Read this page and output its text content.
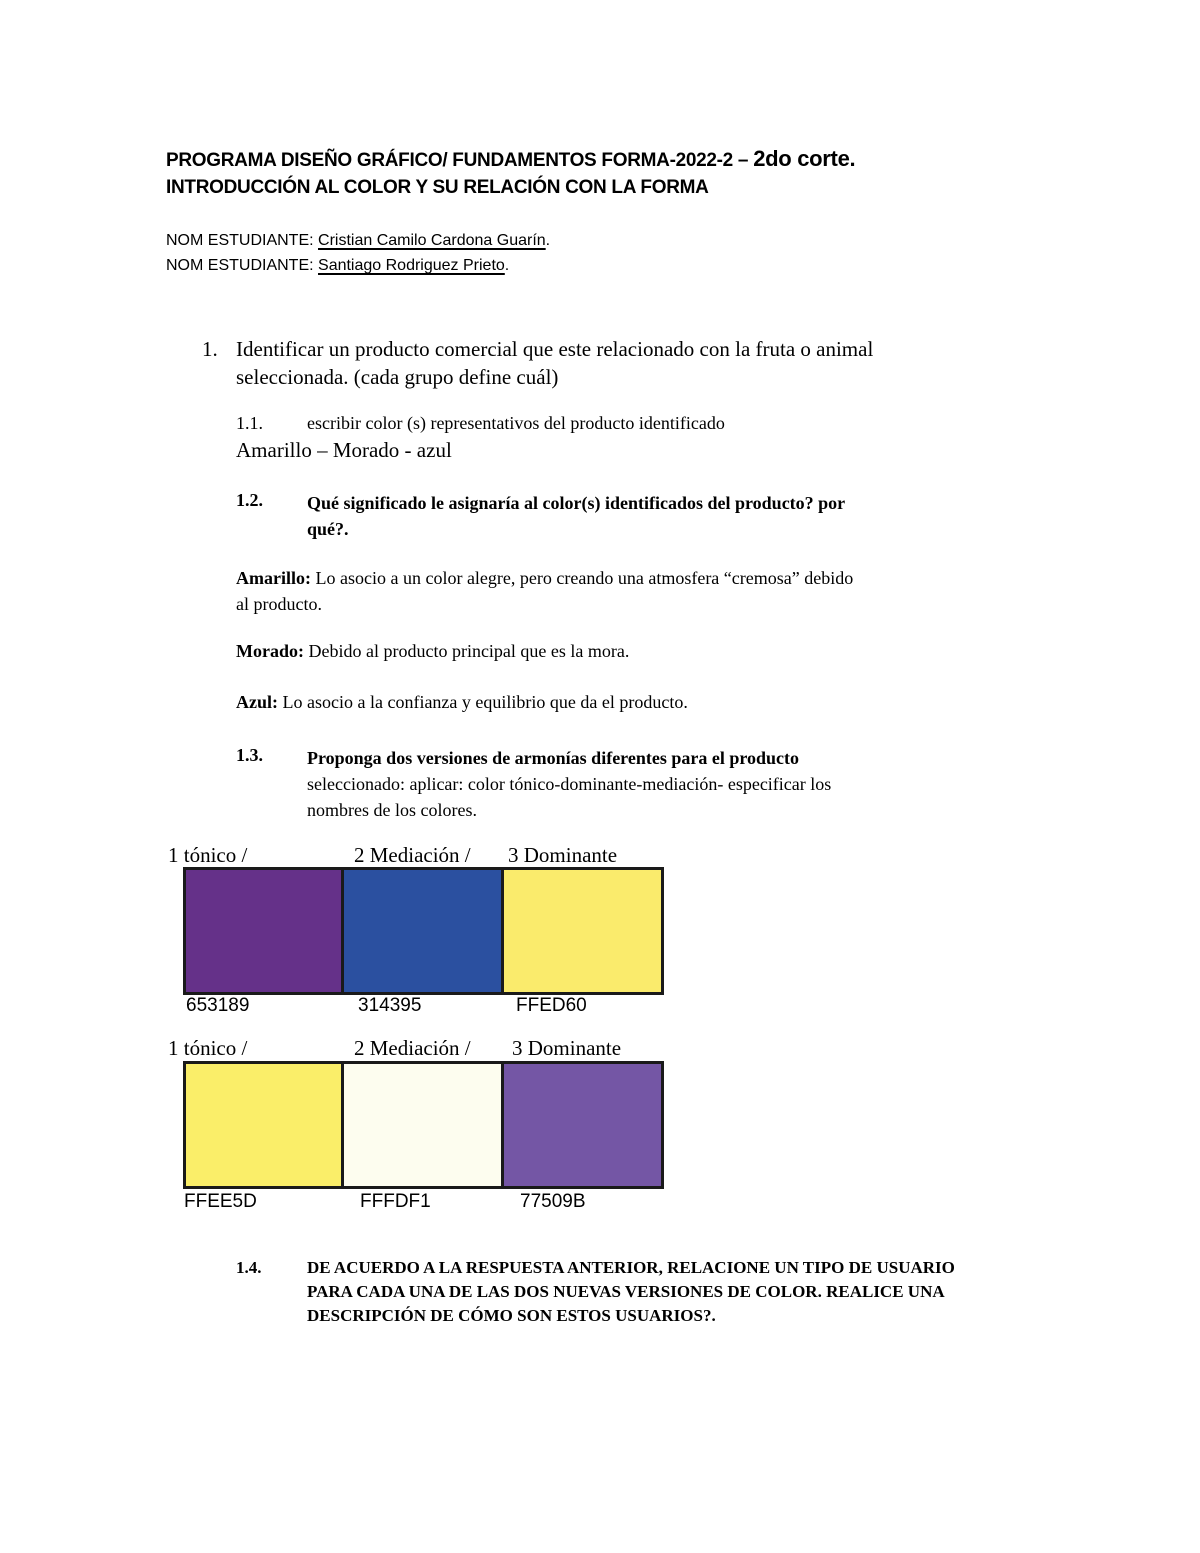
PROGRAMA DISEÑO GRÁFICO/ FUNDAMENTOS FORMA-2022-2 – 2do corte.
INTRODUCCIÓN AL COLOR Y SU RELACIÓN CON LA FORMA
NOM ESTUDIANTE: Cristian Camilo Cardona Guarín.
NOM ESTUDIANTE: Santiago Rodriguez Prieto.
1. Identificar un producto comercial que este relacionado con la fruta o animal
seleccionada. (cada grupo define cuál)
1.1. escribir color (s) representativos del producto identificado
Amarillo – Morado - azul
1.2. Qué significado le asignaría al color(s) identificados del producto? por
qué?.
Amarillo: Lo asocio a un color alegre, pero creando una atmosfera “cremosa” debido
al producto.
Morado: Debido al producto principal que es la mora.
Azul: Lo asocio a la confianza y equilibrio que da el producto.
1.3. Proponga dos versiones de armonías diferentes para el producto
seleccionado: aplicar: color tónico-dominante-mediación- especificar los
nombres de los colores.
1 tónico /	2 Mediación / 3 Dominante
653189	314395	FFED60
1 tónico /	2 Mediación / 3 Dominante
FFEE5D	FFFDF1	77509B
1.4.	DE ACUERDO A LA RESPUESTA ANTERIOR, RELACIONE UN TIPO DE USUARIO
PARA CADA UNA DE LAS DOS NUEVAS VERSIONES DE COLOR. REALICE UNA
DESCRIPCIÓN DE CÓMO SON ESTOS USUARIOS?.
